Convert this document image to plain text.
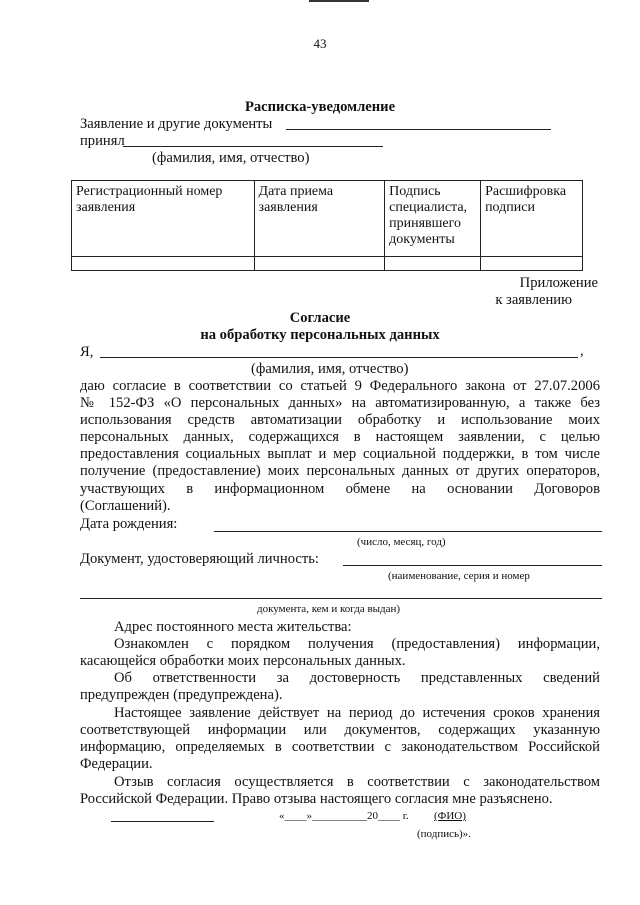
43
Расписка-уведомление
Заявление и другие документы
принял
(фамилия, имя, отчество)
Регистрационный номер заявления	Дата приема заявления	Подпись специалиста, принявшего документы	Расшифровка подписи

Приложение
к заявлению
Согласие
на обработку персональных данных
Я,	,
(фамилия, имя, отчество)
даю согласие в соответствии со статьей 9 Федерального закона от 27.07.2006
№ 152-ФЗ «О персональных данных» на автоматизированную, а также без
использования средств автоматизации обработку и использование моих
персональных данных, содержащихся в настоящем заявлении, с целью
предоставления социальных выплат и мер социальной поддержки, в том числе
получение (предоставление) моих персональных данных от других операторов,
участвующих в информационном обмене на основании Договоров
(Соглашений).
Дата рождения:
(число, месяц, год)
Документ, удостоверяющий личность:
(наименование, серия и номер
документа, кем и когда выдан)
Адрес постоянного места жительства:
Ознакомлен с порядком получения (предоставления) информации,
касающейся обработки моих персональных данных.
Об ответственности за достоверность представленных сведений
предупрежден (предупреждена).
Настоящее заявление действует на период до истечения сроков хранения
соответствующей информации или документов, содержащих указанную
информацию, определяемых в соответствии с законодательством Российской
Федерации.
Отзыв согласия осуществляется в соответствии с законодательством
Российской Федерации. Право отзыва настоящего согласия мне разъяснено.
«____»__________20____ г. (ФИО)
(подпись)».
